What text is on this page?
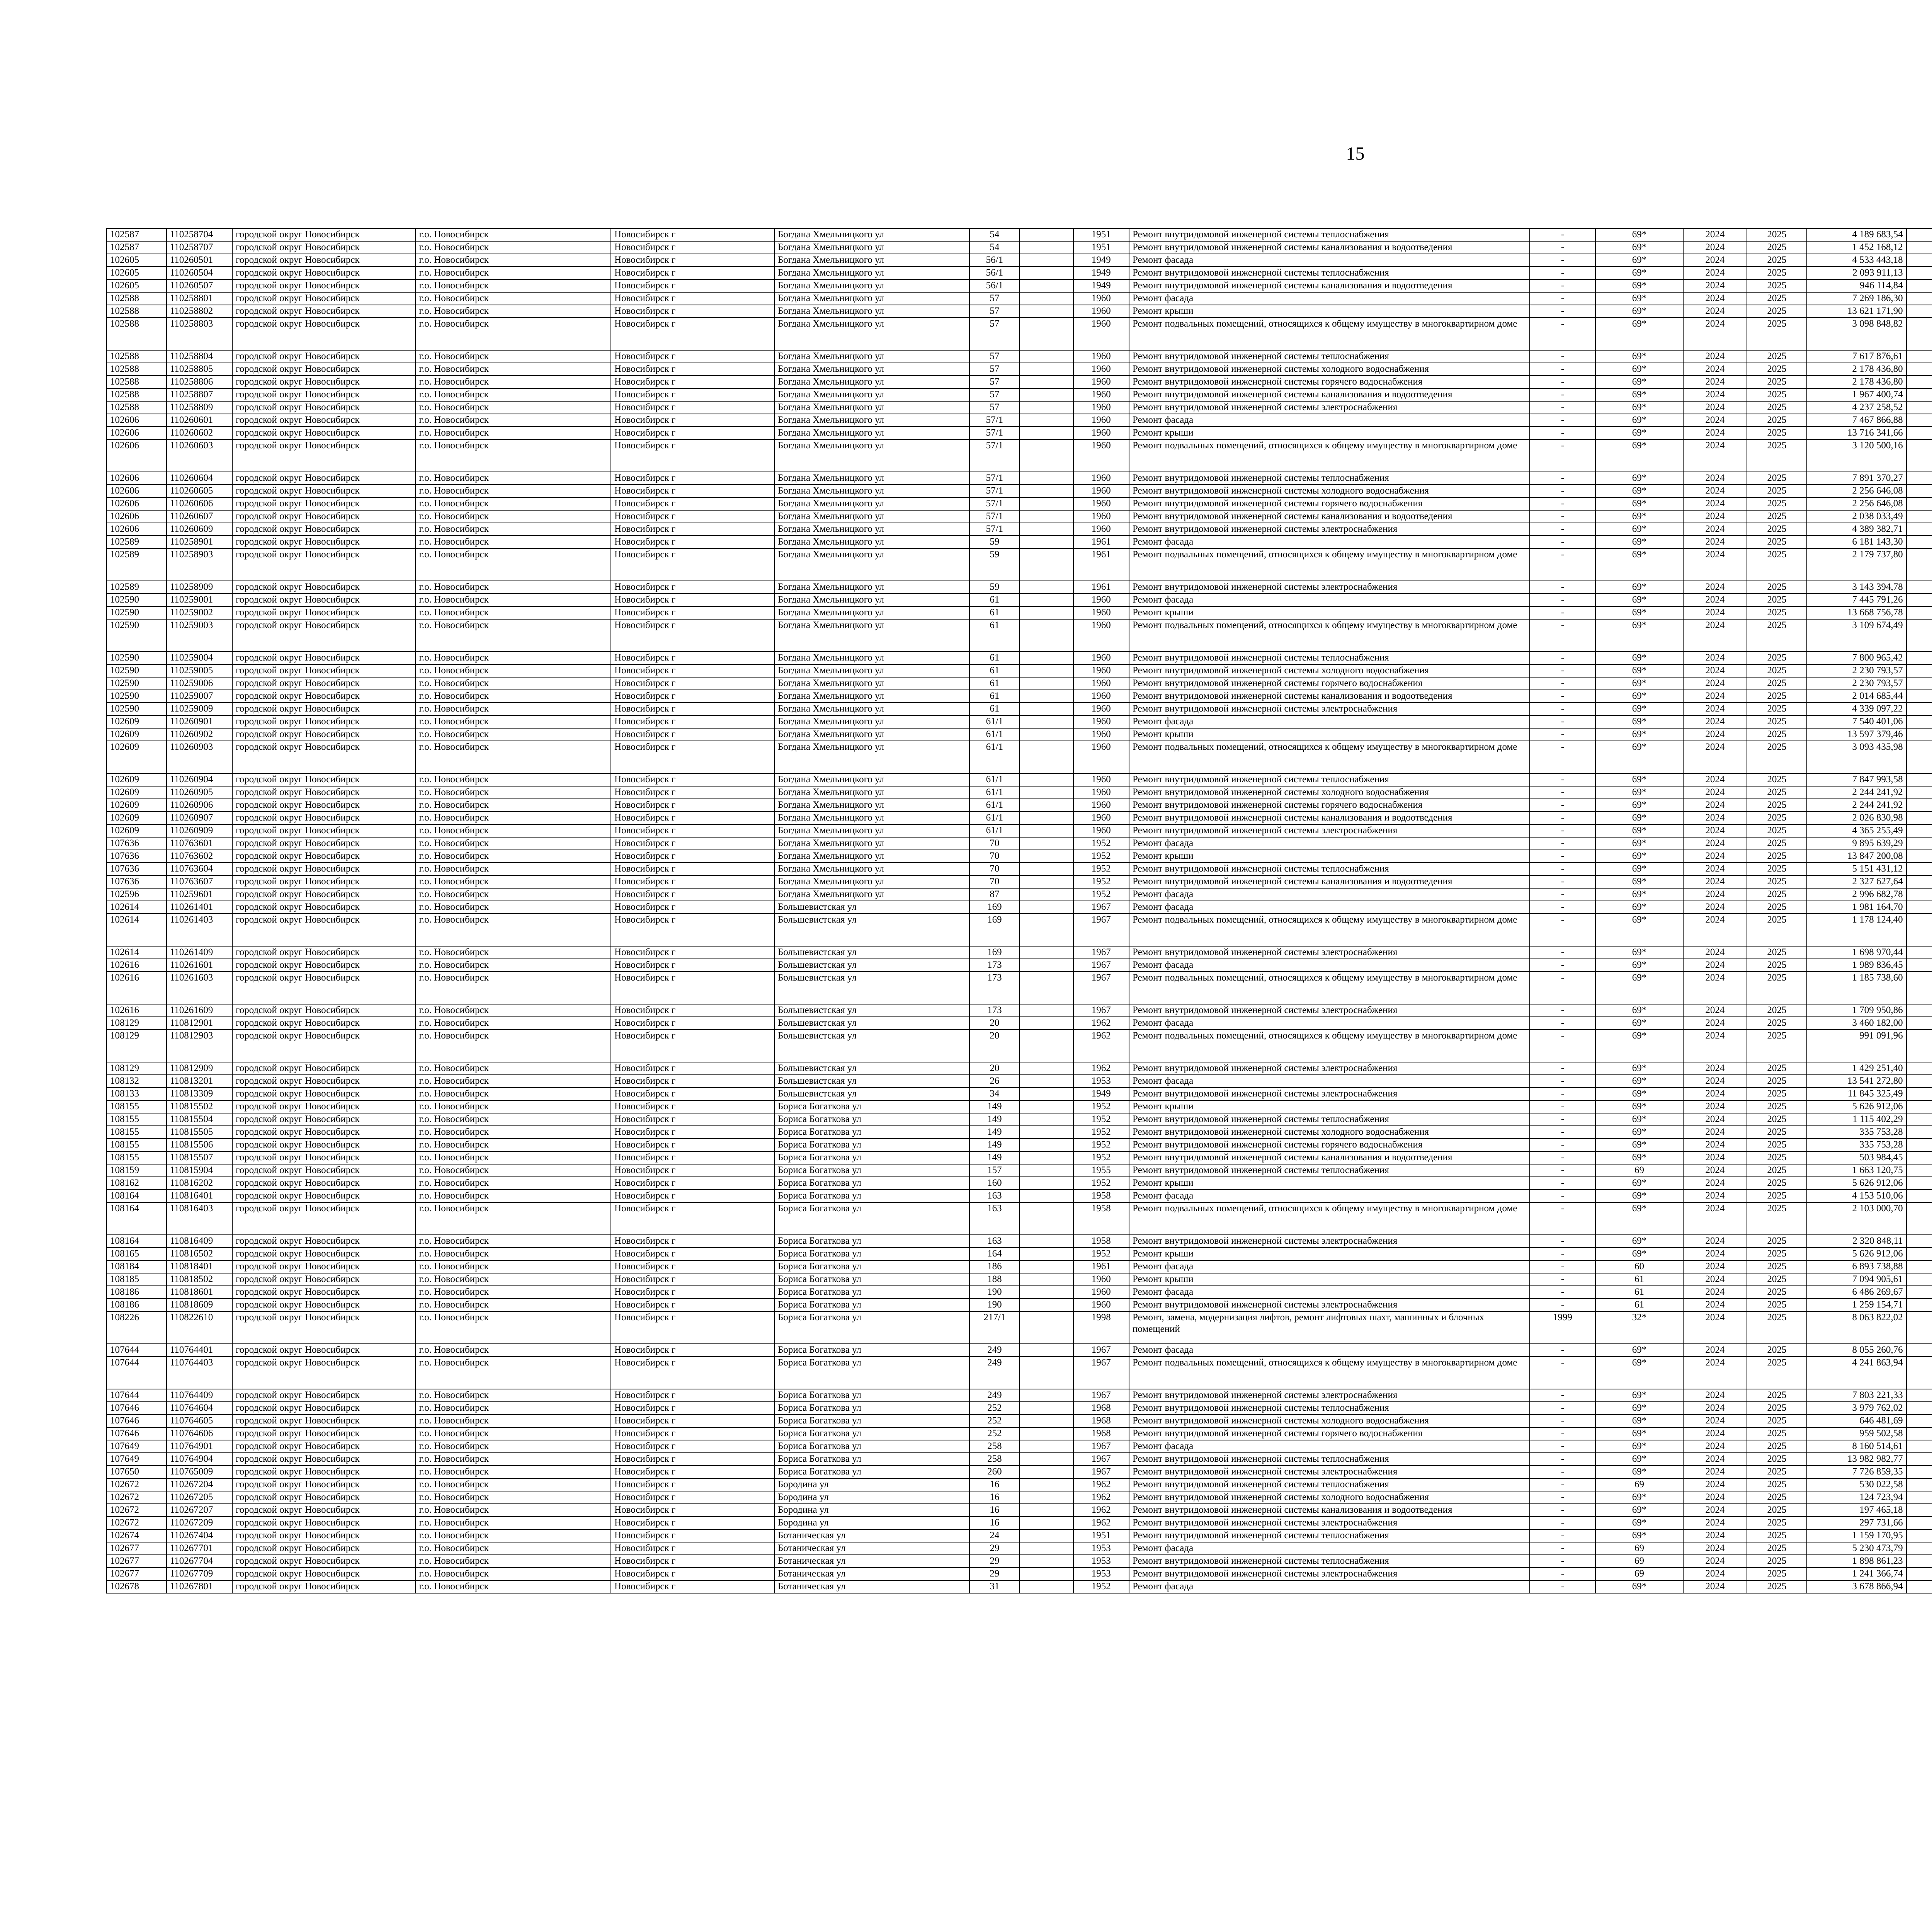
15
102587	110258704	городской округ Новосибирск	г.о. Новосибирск	Новосибирск г	Богдана Хмельницкого ул	54		1951	Ремонт внутридомовой инженерной системы теплоснабжения	-	69*	2024	2025	4 189 683,54							
102587	110258707	городской округ Новосибирск	г.о. Новосибирск	Новосибирск г	Богдана Хмельницкого ул	54		1951	Ремонт внутридомовой инженерной системы канализования и водоотведения	-	69*	2024	2025	1 452 168,12							
102605	110260501	городской округ Новосибирск	г.о. Новосибирск	Новосибирск г	Богдана Хмельницкого ул	56/1		1949	Ремонт фасада	-	69*	2024	2025	4 533 443,18							
102605	110260504	городской округ Новосибирск	г.о. Новосибирск	Новосибирск г	Богдана Хмельницкого ул	56/1		1949	Ремонт внутридомовой инженерной системы теплоснабжения	-	69*	2024	2025	2 093 911,13							
102605	110260507	городской округ Новосибирск	г.о. Новосибирск	Новосибирск г	Богдана Хмельницкого ул	56/1		1949	Ремонт внутридомовой инженерной системы канализования и водоотведения	-	69*	2024	2025	946 114,84							
102588	110258801	городской округ Новосибирск	г.о. Новосибирск	Новосибирск г	Богдана Хмельницкого ул	57		1960	Ремонт фасада	-	69*	2024	2025	7 269 186,30							
102588	110258802	городской округ Новосибирск	г.о. Новосибирск	Новосибирск г	Богдана Хмельницкого ул	57		1960	Ремонт крыши	-	69*	2024	2025	13 621 171,90							
102588	110258803	городской округ Новосибирск	г.о. Новосибирск	Новосибирск г	Богдана Хмельницкого ул	57		1960	Ремонт подвальных помещений, относящихся к общему имуществу в многоквартирном доме	-	69*	2024	2025	3 098 848,82							
102588	110258804	городской округ Новосибирск	г.о. Новосибирск	Новосибирск г	Богдана Хмельницкого ул	57		1960	Ремонт внутридомовой инженерной системы теплоснабжения	-	69*	2024	2025	7 617 876,61							
102588	110258805	городской округ Новосибирск	г.о. Новосибирск	Новосибирск г	Богдана Хмельницкого ул	57		1960	Ремонт внутридомовой инженерной системы холодного водоснабжения	-	69*	2024	2025	2 178 436,80							
102588	110258806	городской округ Новосибирск	г.о. Новосибирск	Новосибирск г	Богдана Хмельницкого ул	57		1960	Ремонт внутридомовой инженерной системы горячего водоснабжения	-	69*	2024	2025	2 178 436,80							
102588	110258807	городской округ Новосибирск	г.о. Новосибирск	Новосибирск г	Богдана Хмельницкого ул	57		1960	Ремонт внутридомовой инженерной системы канализования и водоотведения	-	69*	2024	2025	1 967 400,74							
102588	110258809	городской округ Новосибирск	г.о. Новосибирск	Новосибирск г	Богдана Хмельницкого ул	57		1960	Ремонт внутридомовой инженерной системы электроснабжения	-	69*	2024	2025	4 237 258,52							
102606	110260601	городской округ Новосибирск	г.о. Новосибирск	Новосибирск г	Богдана Хмельницкого ул	57/1		1960	Ремонт фасада	-	69*	2024	2025	7 467 866,88							
102606	110260602	городской округ Новосибирск	г.о. Новосибирск	Новосибирск г	Богдана Хмельницкого ул	57/1		1960	Ремонт крыши	-	69*	2024	2025	13 716 341,66							
102606	110260603	городской округ Новосибирск	г.о. Новосибирск	Новосибирск г	Богдана Хмельницкого ул	57/1		1960	Ремонт подвальных помещений, относящихся к общему имуществу в многоквартирном доме	-	69*	2024	2025	3 120 500,16							
102606	110260604	городской округ Новосибирск	г.о. Новосибирск	Новосибирск г	Богдана Хмельницкого ул	57/1		1960	Ремонт внутридомовой инженерной системы теплоснабжения	-	69*	2024	2025	7 891 370,27							
102606	110260605	городской округ Новосибирск	г.о. Новосибирск	Новосибирск г	Богдана Хмельницкого ул	57/1		1960	Ремонт внутридомовой инженерной системы холодного водоснабжения	-	69*	2024	2025	2 256 646,08							
102606	110260606	городской округ Новосибирск	г.о. Новосибирск	Новосибирск г	Богдана Хмельницкого ул	57/1		1960	Ремонт внутридомовой инженерной системы горячего водоснабжения	-	69*	2024	2025	2 256 646,08							
102606	110260607	городской округ Новосибирск	г.о. Новосибирск	Новосибирск г	Богдана Хмельницкого ул	57/1		1960	Ремонт внутридомовой инженерной системы канализования и водоотведения	-	69*	2024	2025	2 038 033,49							
102606	110260609	городской округ Новосибирск	г.о. Новосибирск	Новосибирск г	Богдана Хмельницкого ул	57/1		1960	Ремонт внутридомовой инженерной системы электроснабжения	-	69*	2024	2025	4 389 382,71							
102589	110258901	городской округ Новосибирск	г.о. Новосибирск	Новосибирск г	Богдана Хмельницкого ул	59		1961	Ремонт фасада	-	69*	2024	2025	6 181 143,30							
102589	110258903	городской округ Новосибирск	г.о. Новосибирск	Новосибирск г	Богдана Хмельницкого ул	59		1961	Ремонт подвальных помещений, относящихся к общему имуществу в многоквартирном доме	-	69*	2024	2025	2 179 737,80							
102589	110258909	городской округ Новосибирск	г.о. Новосибирск	Новосибирск г	Богдана Хмельницкого ул	59		1961	Ремонт внутридомовой инженерной системы электроснабжения	-	69*	2024	2025	3 143 394,78							
102590	110259001	городской округ Новосибирск	г.о. Новосибирск	Новосибирск г	Богдана Хмельницкого ул	61		1960	Ремонт фасада	-	69*	2024	2025	7 445 791,26							
102590	110259002	городской округ Новосибирск	г.о. Новосибирск	Новосибирск г	Богдана Хмельницкого ул	61		1960	Ремонт крыши	-	69*	2024	2025	13 668 756,78							
102590	110259003	городской округ Новосибирск	г.о. Новосибирск	Новосибирск г	Богдана Хмельницкого ул	61		1960	Ремонт подвальных помещений, относящихся к общему имуществу в многоквартирном доме	-	69*	2024	2025	3 109 674,49							
102590	110259004	городской округ Новосибирск	г.о. Новосибирск	Новосибирск г	Богдана Хмельницкого ул	61		1960	Ремонт внутридомовой инженерной системы теплоснабжения	-	69*	2024	2025	7 800 965,42							
102590	110259005	городской округ Новосибирск	г.о. Новосибирск	Новосибирск г	Богдана Хмельницкого ул	61		1960	Ремонт внутридомовой инженерной системы холодного водоснабжения	-	69*	2024	2025	2 230 793,57							
102590	110259006	городской округ Новосибирск	г.о. Новосибирск	Новосибирск г	Богдана Хмельницкого ул	61		1960	Ремонт внутридомовой инженерной системы горячего водоснабжения	-	69*	2024	2025	2 230 793,57							
102590	110259007	городской округ Новосибирск	г.о. Новосибирск	Новосибирск г	Богдана Хмельницкого ул	61		1960	Ремонт внутридомовой инженерной системы канализования и водоотведения	-	69*	2024	2025	2 014 685,44							
102590	110259009	городской округ Новосибирск	г.о. Новосибирск	Новосибирск г	Богдана Хмельницкого ул	61		1960	Ремонт внутридомовой инженерной системы электроснабжения	-	69*	2024	2025	4 339 097,22							
102609	110260901	городской округ Новосибирск	г.о. Новосибирск	Новосибирск г	Богдана Хмельницкого ул	61/1		1960	Ремонт фасада	-	69*	2024	2025	7 540 401,06							
102609	110260902	городской округ Новосибирск	г.о. Новосибирск	Новосибирск г	Богдана Хмельницкого ул	61/1		1960	Ремонт крыши	-	69*	2024	2025	13 597 379,46							
102609	110260903	городской округ Новосибирск	г.о. Новосибирск	Новосибирск г	Богдана Хмельницкого ул	61/1		1960	Ремонт подвальных помещений, относящихся к общему имуществу в многоквартирном доме	-	69*	2024	2025	3 093 435,98							
102609	110260904	городской округ Новосибирск	г.о. Новосибирск	Новосибирск г	Богдана Хмельницкого ул	61/1		1960	Ремонт внутридомовой инженерной системы теплоснабжения	-	69*	2024	2025	7 847 993,58							
102609	110260905	городской округ Новосибирск	г.о. Новосибирск	Новосибирск г	Богдана Хмельницкого ул	61/1		1960	Ремонт внутридомовой инженерной системы холодного водоснабжения	-	69*	2024	2025	2 244 241,92							
102609	110260906	городской округ Новосибирск	г.о. Новосибирск	Новосибирск г	Богдана Хмельницкого ул	61/1		1960	Ремонт внутридомовой инженерной системы горячего водоснабжения	-	69*	2024	2025	2 244 241,92							
102609	110260907	городской округ Новосибирск	г.о. Новосибирск	Новосибирск г	Богдана Хмельницкого ул	61/1		1960	Ремонт внутридомовой инженерной системы канализования и водоотведения	-	69*	2024	2025	2 026 830,98							
102609	110260909	городской округ Новосибирск	г.о. Новосибирск	Новосибирск г	Богдана Хмельницкого ул	61/1		1960	Ремонт внутридомовой инженерной системы электроснабжения	-	69*	2024	2025	4 365 255,49							
107636	110763601	городской округ Новосибирск	г.о. Новосибирск	Новосибирск г	Богдана Хмельницкого ул	70		1952	Ремонт фасада	-	69*	2024	2025	9 895 639,29							
107636	110763602	городской округ Новосибирск	г.о. Новосибирск	Новосибирск г	Богдана Хмельницкого ул	70		1952	Ремонт крыши	-	69*	2024	2025	13 847 200,08							
107636	110763604	городской округ Новосибирск	г.о. Новосибирск	Новосибирск г	Богдана Хмельницкого ул	70		1952	Ремонт внутридомовой инженерной системы теплоснабжения	-	69*	2024	2025	5 151 431,12							
107636	110763607	городской округ Новосибирск	г.о. Новосибирск	Новосибирск г	Богдана Хмельницкого ул	70		1952	Ремонт внутридомовой инженерной системы канализования и водоотведения	-	69*	2024	2025	2 327 627,64							
102596	110259601	городской округ Новосибирск	г.о. Новосибирск	Новосибирск г	Богдана Хмельницкого ул	87		1952	Ремонт фасада	-	69*	2024	2025	2 996 682,78							
102614	110261401	городской округ Новосибирск	г.о. Новосибирск	Новосибирск г	Большевистская ул	169		1967	Ремонт фасада	-	69*	2024	2025	1 981 164,70							
102614	110261403	городской округ Новосибирск	г.о. Новосибирск	Новосибирск г	Большевистская ул	169		1967	Ремонт подвальных помещений, относящихся к общему имуществу в многоквартирном доме	-	69*	2024	2025	1 178 124,40							
102614	110261409	городской округ Новосибирск	г.о. Новосибирск	Новосибирск г	Большевистская ул	169		1967	Ремонт внутридомовой инженерной системы электроснабжения	-	69*	2024	2025	1 698 970,44							
102616	110261601	городской округ Новосибирск	г.о. Новосибирск	Новосибирск г	Большевистская ул	173		1967	Ремонт фасада	-	69*	2024	2025	1 989 836,45							
102616	110261603	городской округ Новосибирск	г.о. Новосибирск	Новосибирск г	Большевистская ул	173		1967	Ремонт подвальных помещений, относящихся к общему имуществу в многоквартирном доме	-	69*	2024	2025	1 185 738,60							
102616	110261609	городской округ Новосибирск	г.о. Новосибирск	Новосибирск г	Большевистская ул	173		1967	Ремонт внутридомовой инженерной системы электроснабжения	-	69*	2024	2025	1 709 950,86							
108129	110812901	городской округ Новосибирск	г.о. Новосибирск	Новосибирск г	Большевистская ул	20		1962	Ремонт фасада	-	69*	2024	2025	3 460 182,00							
108129	110812903	городской округ Новосибирск	г.о. Новосибирск	Новосибирск г	Большевистская ул	20		1962	Ремонт подвальных помещений, относящихся к общему имуществу в многоквартирном доме	-	69*	2024	2025	991 091,96							
108129	110812909	городской округ Новосибирск	г.о. Новосибирск	Новосибирск г	Большевистская ул	20		1962	Ремонт внутридомовой инженерной системы электроснабжения	-	69*	2024	2025	1 429 251,40							
108132	110813201	городской округ Новосибирск	г.о. Новосибирск	Новосибирск г	Большевистская ул	26		1953	Ремонт фасада	-	69*	2024	2025	13 541 272,80							
108133	110813309	городской округ Новосибирск	г.о. Новосибирск	Новосибирск г	Большевистская ул	34		1949	Ремонт внутридомовой инженерной системы электроснабжения	-	69*	2024	2025	11 845 325,49							
108155	110815502	городской округ Новосибирск	г.о. Новосибирск	Новосибирск г	Бориса Богаткова ул	149		1952	Ремонт крыши	-	69*	2024	2025	5 626 912,06							
108155	110815504	городской округ Новосибирск	г.о. Новосибирск	Новосибирск г	Бориса Богаткова ул	149		1952	Ремонт внутридомовой инженерной системы теплоснабжения	-	69*	2024	2025	1 115 402,29							
108155	110815505	городской округ Новосибирск	г.о. Новосибирск	Новосибирск г	Бориса Богаткова ул	149		1952	Ремонт внутридомовой инженерной системы холодного водоснабжения	-	69*	2024	2025	335 753,28							
108155	110815506	городской округ Новосибирск	г.о. Новосибирск	Новосибирск г	Бориса Богаткова ул	149		1952	Ремонт внутридомовой инженерной системы горячего водоснабжения	-	69*	2024	2025	335 753,28							
108155	110815507	городской округ Новосибирск	г.о. Новосибирск	Новосибирск г	Бориса Богаткова ул	149		1952	Ремонт внутридомовой инженерной системы канализования и водоотведения	-	69*	2024	2025	503 984,45							
108159	110815904	городской округ Новосибирск	г.о. Новосибирск	Новосибирск г	Бориса Богаткова ул	157		1955	Ремонт внутридомовой инженерной системы теплоснабжения	-	69	2024	2025	1 663 120,75							
108162	110816202	городской округ Новосибирск	г.о. Новосибирск	Новосибирск г	Бориса Богаткова ул	160		1952	Ремонт крыши	-	69*	2024	2025	5 626 912,06							
108164	110816401	городской округ Новосибирск	г.о. Новосибирск	Новосибирск г	Бориса Богаткова ул	163		1958	Ремонт фасада	-	69*	2024	2025	4 153 510,06							
108164	110816403	городской округ Новосибирск	г.о. Новосибирск	Новосибирск г	Бориса Богаткова ул	163		1958	Ремонт подвальных помещений, относящихся к общему имуществу в многоквартирном доме	-	69*	2024	2025	2 103 000,70							
108164	110816409	городской округ Новосибирск	г.о. Новосибирск	Новосибирск г	Бориса Богаткова ул	163		1958	Ремонт внутридомовой инженерной системы электроснабжения	-	69*	2024	2025	2 320 848,11							
108165	110816502	городской округ Новосибирск	г.о. Новосибирск	Новосибирск г	Бориса Богаткова ул	164		1952	Ремонт крыши	-	69*	2024	2025	5 626 912,06							
108184	110818401	городской округ Новосибирск	г.о. Новосибирск	Новосибирск г	Бориса Богаткова ул	186		1961	Ремонт фасада	-	60	2024	2025	6 893 738,88							
108185	110818502	городской округ Новосибирск	г.о. Новосибирск	Новосибирск г	Бориса Богаткова ул	188		1960	Ремонт крыши	-	61	2024	2025	7 094 905,61							
108186	110818601	городской округ Новосибирск	г.о. Новосибирск	Новосибирск г	Бориса Богаткова ул	190		1960	Ремонт фасада	-	61	2024	2025	6 486 269,67							
108186	110818609	городской округ Новосибирск	г.о. Новосибирск	Новосибирск г	Бориса Богаткова ул	190		1960	Ремонт внутридомовой инженерной системы электроснабжения	-	61	2024	2025	1 259 154,71							
108226	110822610	городской округ Новосибирск	г.о. Новосибирск	Новосибирск г	Бориса Богаткова ул	217/1		1998	Ремонт, замена, модернизация лифтов, ремонт лифтовых шахт, машинных и блочных помещений	1999	32*	2024	2025	8 063 822,02							
107644	110764401	городской округ Новосибирск	г.о. Новосибирск	Новосибирск г	Бориса Богаткова ул	249		1967	Ремонт фасада	-	69*	2024	2025	8 055 260,76							
107644	110764403	городской округ Новосибирск	г.о. Новосибирск	Новосибирск г	Бориса Богаткова ул	249		1967	Ремонт подвальных помещений, относящихся к общему имуществу в многоквартирном доме	-	69*	2024	2025	4 241 863,94							
107644	110764409	городской округ Новосибирск	г.о. Новосибирск	Новосибирск г	Бориса Богаткова ул	249		1967	Ремонт внутридомовой инженерной системы электроснабжения	-	69*	2024	2025	7 803 221,33							
107646	110764604	городской округ Новосибирск	г.о. Новосибирск	Новосибирск г	Бориса Богаткова ул	252		1968	Ремонт внутридомовой инженерной системы теплоснабжения	-	69*	2024	2025	3 979 762,02							
107646	110764605	городской округ Новосибирск	г.о. Новосибирск	Новосибирск г	Бориса Богаткова ул	252		1968	Ремонт внутридомовой инженерной системы холодного водоснабжения	-	69*	2024	2025	646 481,69							
107646	110764606	городской округ Новосибирск	г.о. Новосибирск	Новосибирск г	Бориса Богаткова ул	252		1968	Ремонт внутридомовой инженерной системы горячего водоснабжения	-	69*	2024	2025	959 502,58							
107649	110764901	городской округ Новосибирск	г.о. Новосибирск	Новосибирск г	Бориса Богаткова ул	258		1967	Ремонт фасада	-	69*	2024	2025	8 160 514,61							
107649	110764904	городской округ Новосибирск	г.о. Новосибирск	Новосибирск г	Бориса Богаткова ул	258		1967	Ремонт внутридомовой инженерной системы теплоснабжения	-	69*	2024	2025	13 982 982,77							
107650	110765009	городской округ Новосибирск	г.о. Новосибирск	Новосибирск г	Бориса Богаткова ул	260		1967	Ремонт внутридомовой инженерной системы электроснабжения	-	69*	2024	2025	7 726 859,35							
102672	110267204	городской округ Новосибирск	г.о. Новосибирск	Новосибирск г	Бородина ул	16		1962	Ремонт внутридомовой инженерной системы теплоснабжения	-	69	2024	2025	530 022,58							
102672	110267205	городской округ Новосибирск	г.о. Новосибирск	Новосибирск г	Бородина ул	16		1962	Ремонт внутридомовой инженерной системы холодного водоснабжения	-	69*	2024	2025	124 723,94							
102672	110267207	городской округ Новосибирск	г.о. Новосибирск	Новосибирск г	Бородина ул	16		1962	Ремонт внутридомовой инженерной системы канализования и водоотведения	-	69*	2024	2025	197 465,18							
102672	110267209	городской округ Новосибирск	г.о. Новосибирск	Новосибирск г	Бородина ул	16		1962	Ремонт внутридомовой инженерной системы электроснабжения	-	69*	2024	2025	297 731,66							
102674	110267404	городской округ Новосибирск	г.о. Новосибирск	Новосибирск г	Ботаническая ул	24		1951	Ремонт внутридомовой инженерной системы теплоснабжения	-	69*	2024	2025	1 159 170,95							
102677	110267701	городской округ Новосибирск	г.о. Новосибирск	Новосибирск г	Ботаническая ул	29		1953	Ремонт фасада	-	69	2024	2025	5 230 473,79							
102677	110267704	городской округ Новосибирск	г.о. Новосибирск	Новосибирск г	Ботаническая ул	29		1953	Ремонт внутридомовой инженерной системы теплоснабжения	-	69	2024	2025	1 898 861,23							
102677	110267709	городской округ Новосибирск	г.о. Новосибирск	Новосибирск г	Ботаническая ул	29		1953	Ремонт внутридомовой инженерной системы электроснабжения	-	69	2024	2025	1 241 366,74							
102678	110267801	городской округ Новосибирск	г.о. Новосибирск	Новосибирск г	Ботаническая ул	31		1952	Ремонт фасада	-	69*	2024	2025	3 678 866,94							
